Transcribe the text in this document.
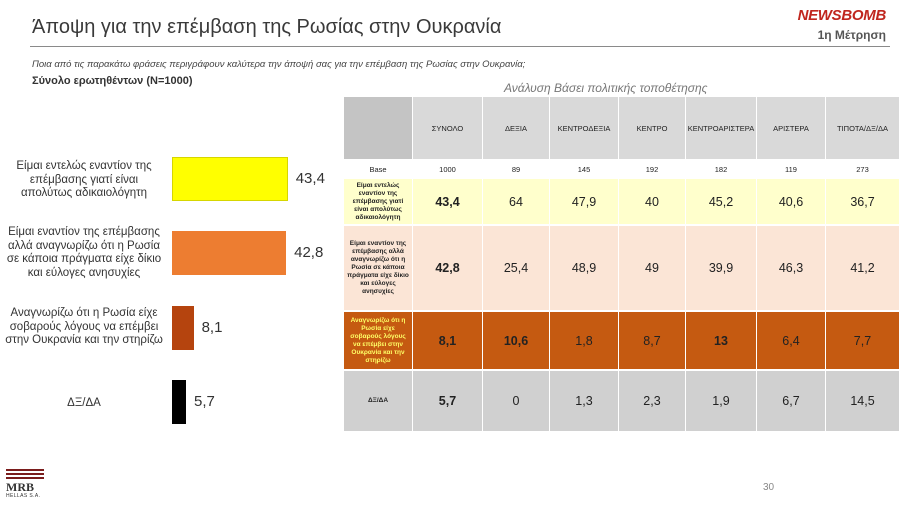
Άποψη για την επέμβαση της Ρωσίας στην Ουκρανία
NEWSBOMB
1η Μέτρηση
Ποια από τις παρακάτω φράσεις περιγράφουν καλύτερα την άποψή σας για την επέμβαση της Ρωσίας στην Ουκρανία;
Σύνολο ερωτηθέντων (N=1000)	Ανάλυση Βάσει πολιτικής τοποθέτησης
Είμαι εντελώς εναντίον της επέμβασης γιατί είναι απολύτως αδικαιολόγητη
43,4
Είμαι εναντίον της επέμβασης αλλά αναγνωρίζω ότι η Ρωσία σε κάποια πράγματα είχε δίκιο και εύλογες ανησυχίες
42,8
Αναγνωρίζω ότι η Ρωσία είχε σοβαρούς λόγους να επέμβει στην Ουκρανία και την στηρίζω
8,1
ΔΞ/ΔΑ	5,7
ΣΥΝΟΛΟ	ΔΕΞΙΑ	ΚΕΝΤΡΟΔΕΞΙΑ	ΚΕΝΤΡΟ	ΚΕΝΤΡΟΑΡΙΣΤΕΡΑ	ΑΡΙΣΤΕΡΑ	ΤΙΠΟΤΑ/ΔΞ/ΔΑ
Base	1000	89	145	192	182	119	273
Είμαι εντελώς εναντίον της επέμβασης γιατί είναι απολύτως αδικαιολόγητη
43,4	64	47,9	40	45,2	40,6	36,7
Είμαι εναντίον της επέμβασης αλλά αναγνωρίζω ότι η Ρωσία σε κάποια πράγματα είχε δίκιο και εύλογες ανησυχίες
42,8	25,4	48,9	49	39,9	46,3	41,2
Αναγνωρίζω ότι η Ρωσία είχε σοβαρούς λόγους να επέμβει στην Ουκρανία και την στηρίζω
8,1	10,6	1,8	8,7	13	6,4	7,7
ΔΞ/ΔΑ	5,7	0	1,3	2,3	1,9	6,7	14,5
30
MRB
HELLAS S.A.
